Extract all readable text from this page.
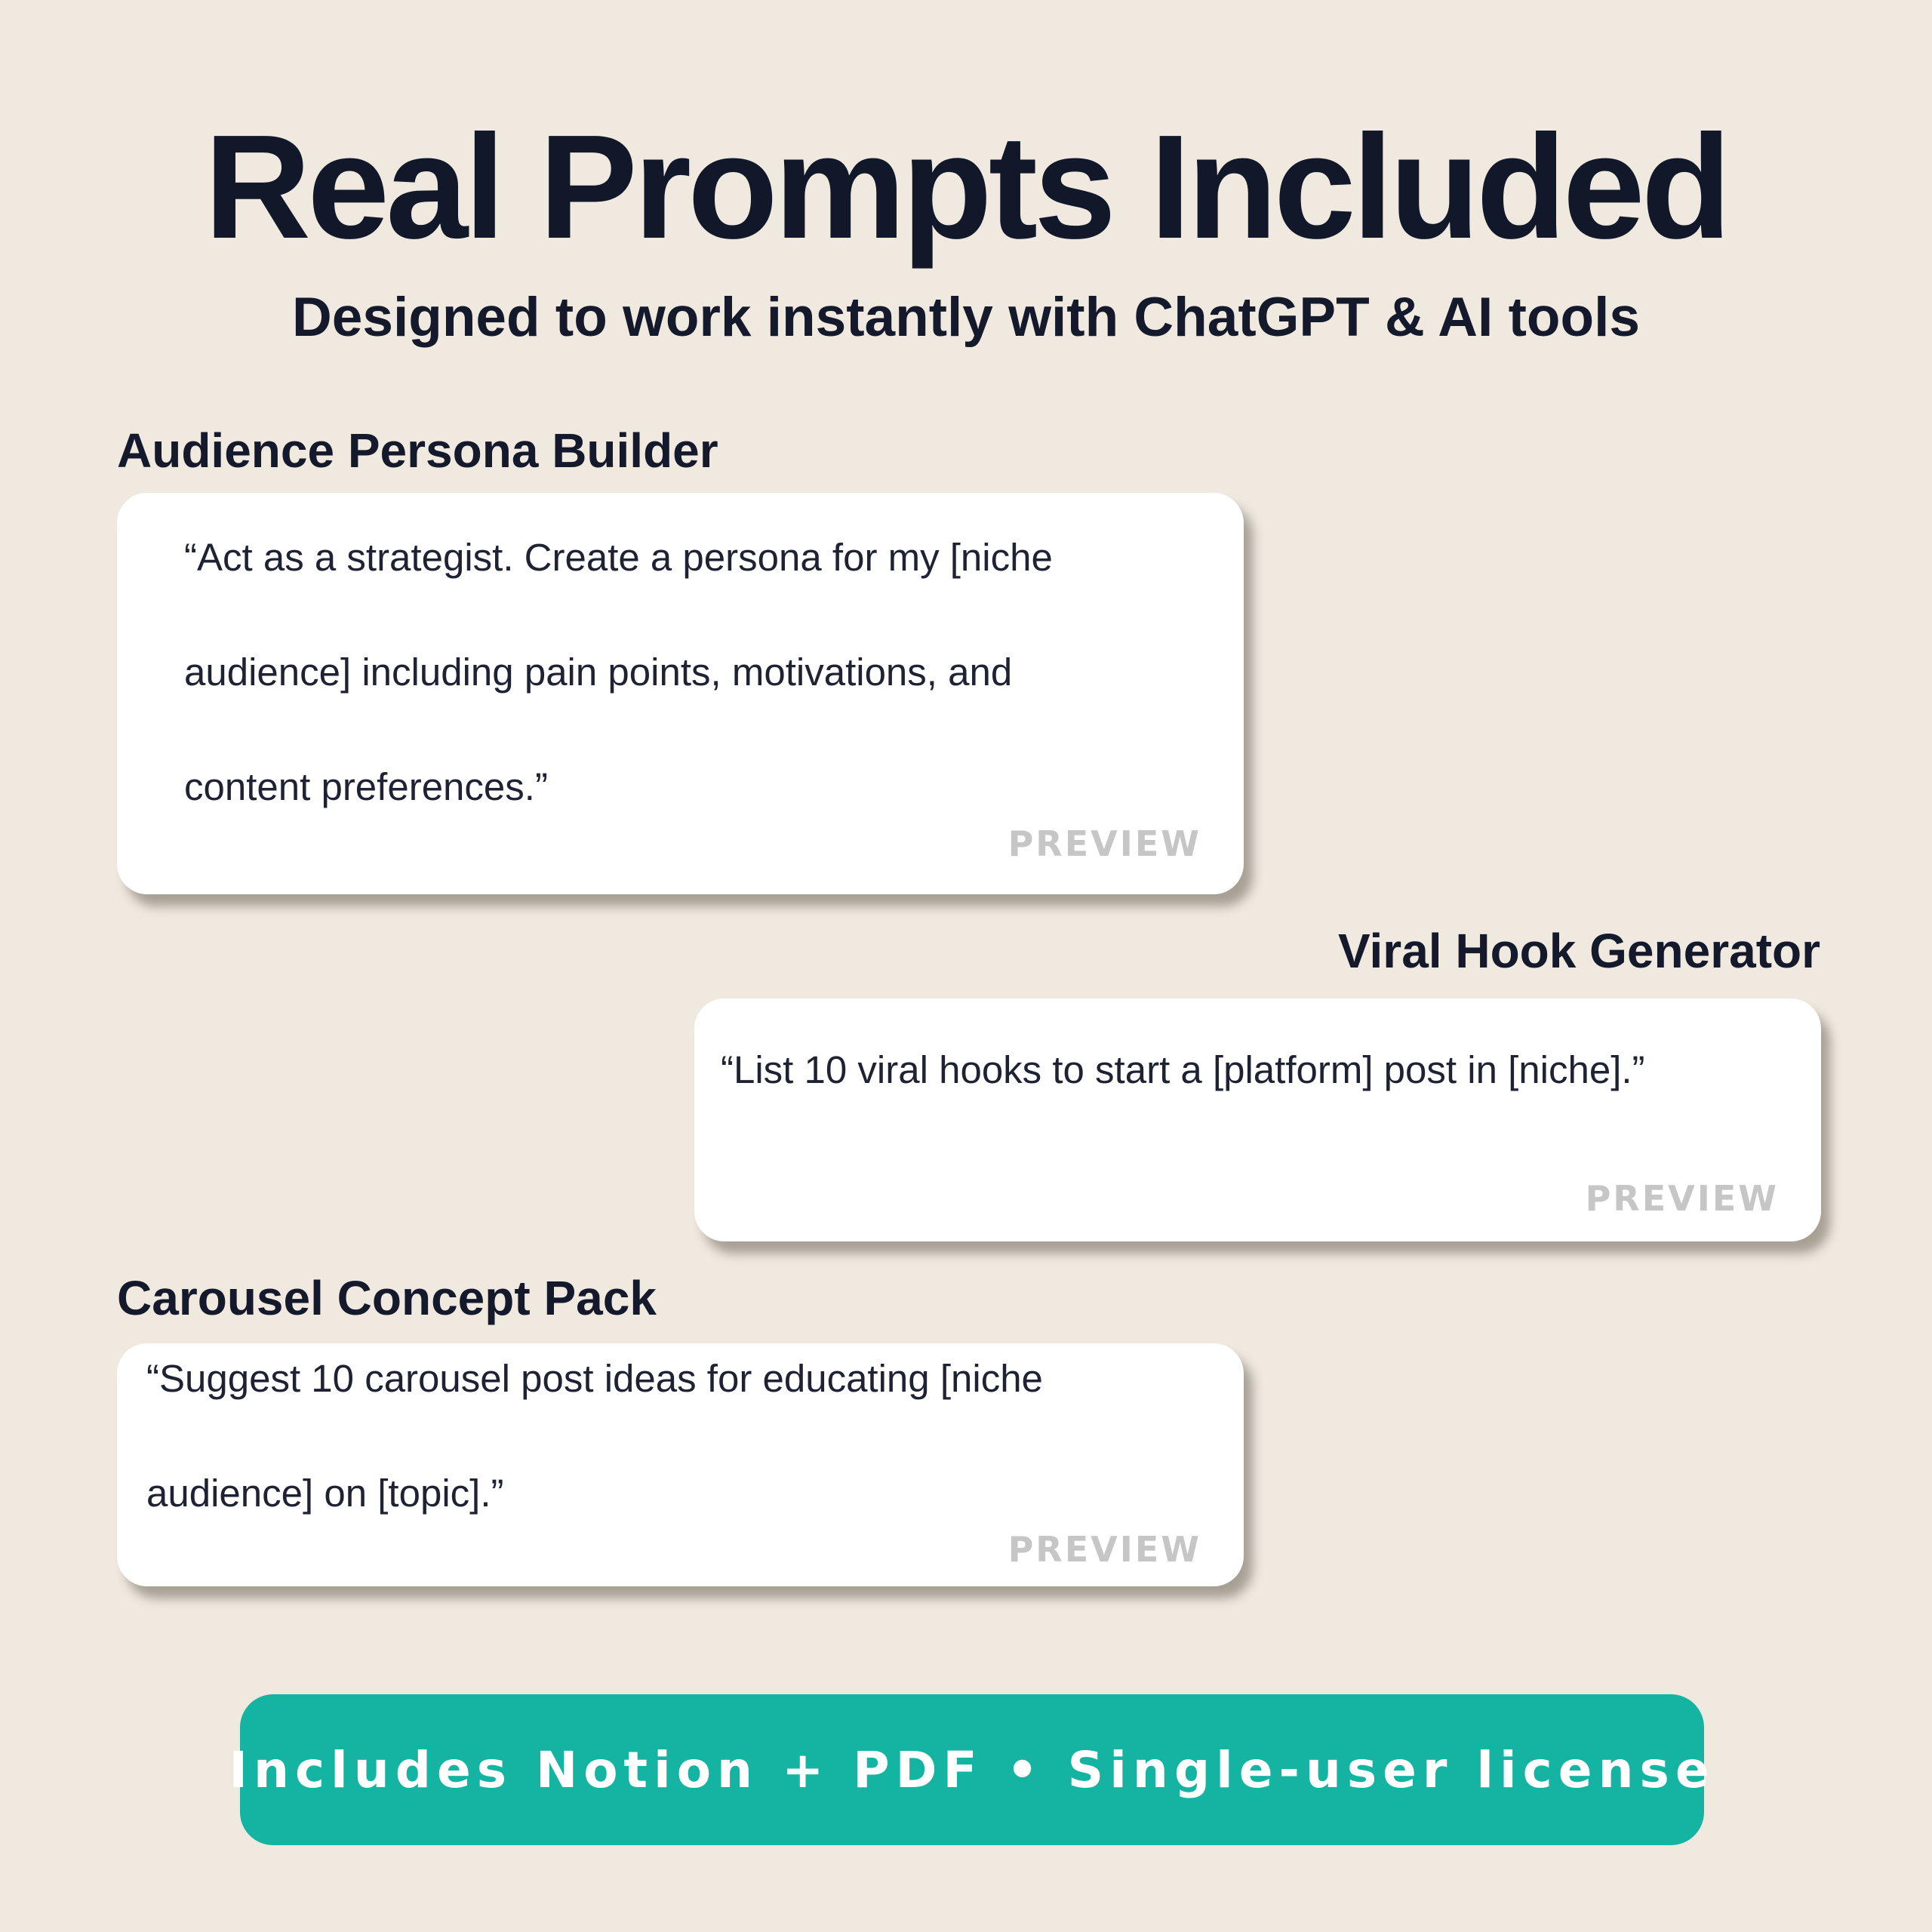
Real Prompts Included
Designed to work instantly with ChatGPT & AI tools
Audience Persona Builder
“Act as a strategist. Create a persona for my [niche
audience] including pain points, motivations, and
content preferences.”
PREVIEW
Viral Hook Generator
“List 10 viral hooks to start a [platform] post in [niche].”
PREVIEW
Carousel Concept Pack
“Suggest 10 carousel post ideas for educating [niche
audience] on [topic].”
PREVIEW
Includes Notion + PDF • Single-user license
